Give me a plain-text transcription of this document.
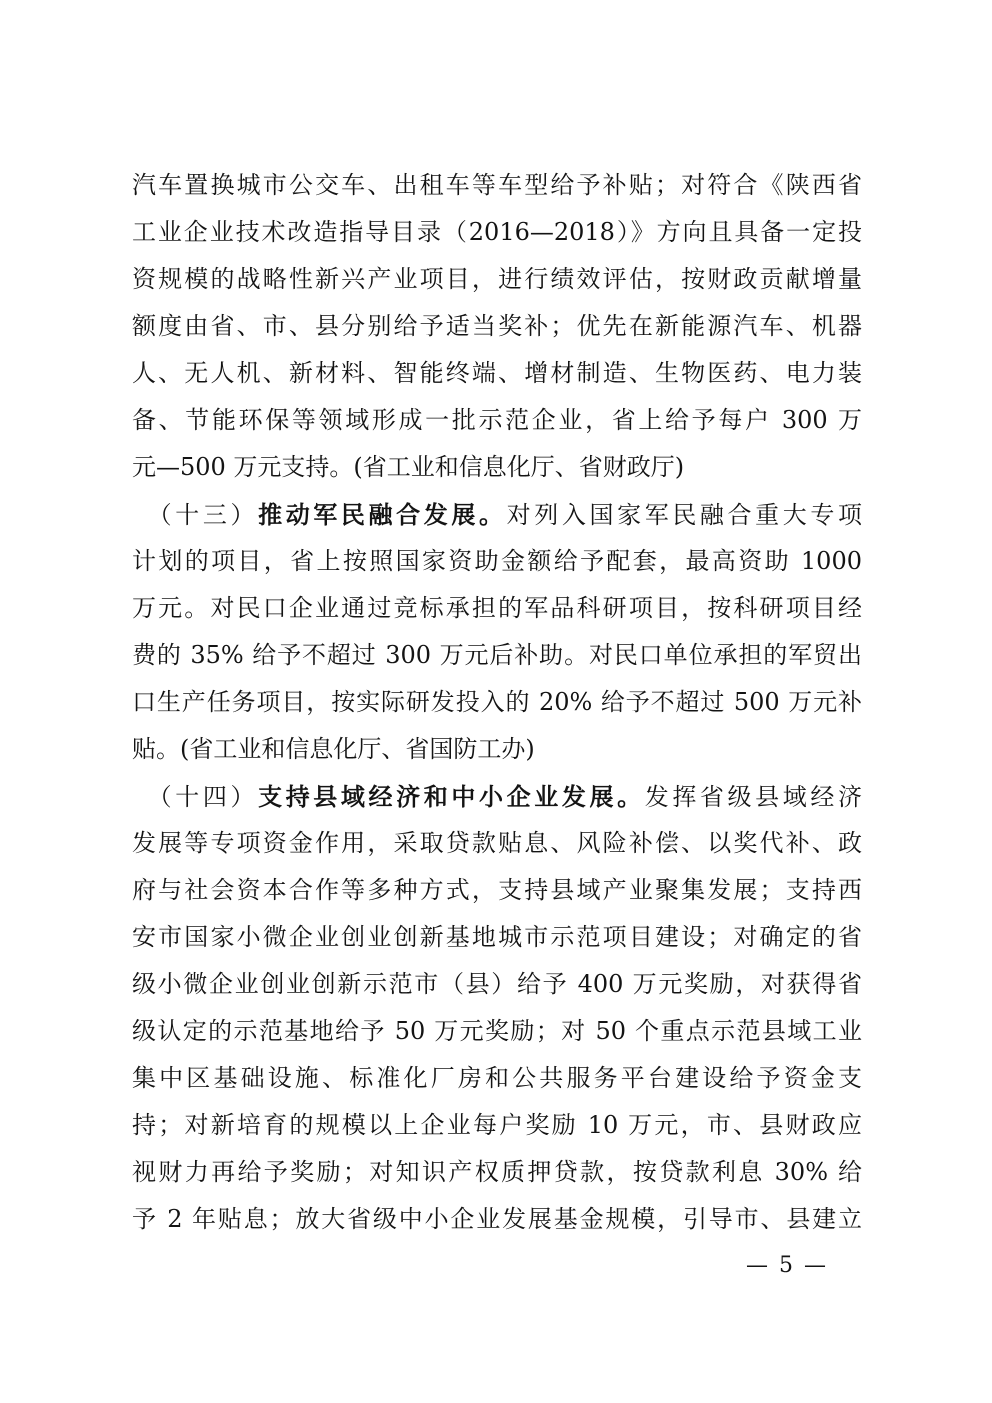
汽车置换城市公交车、出租车等车型给予补贴；对符合《陕西省
工业企业技术改造指导目录（2016—2018）》方向且具备一定投
资规模的战略性新兴产业项目，进行绩效评估，按财政贡献增量
额度由省、市、县分别给予适当奖补；优先在新能源汽车、机器
人、无人机、新材料、智能终端、增材制造、生物医药、电力装
备、节能环保等领域形成一批示范企业，省上给予每户 300 万
元—500 万元支持。(省工业和信息化厅、省财政厅)
　（十三）推动军民融合发展。对列入国家军民融合重大专项
计划的项目，省上按照国家资助金额给予配套，最高资助 1000
万元。对民口企业通过竞标承担的军品科研项目，按科研项目经
费的 35% 给予不超过 300 万元后补助。对民口单位承担的军贸出
口生产任务项目，按实际研发投入的 20% 给予不超过 500 万元补
贴。(省工业和信息化厅、省国防工办)
　（十四）支持县域经济和中小企业发展。发挥省级县域经济
发展等专项资金作用，采取贷款贴息、风险补偿、以奖代补、政
府与社会资本合作等多种方式，支持县域产业聚集发展；支持西
安市国家小微企业创业创新基地城市示范项目建设；对确定的省
级小微企业创业创新示范市（县）给予 400 万元奖励，对获得省
级认定的示范基地给予 50 万元奖励；对 50 个重点示范县域工业
集中区基础设施、标准化厂房和公共服务平台建设给予资金支
持；对新培育的规模以上企业每户奖励 10 万元，市、县财政应
视财力再给予奖励；对知识产权质押贷款，按贷款利息 30% 给
予 2 年贴息；放大省级中小企业发展基金规模，引导市、县建立
— 5 —
